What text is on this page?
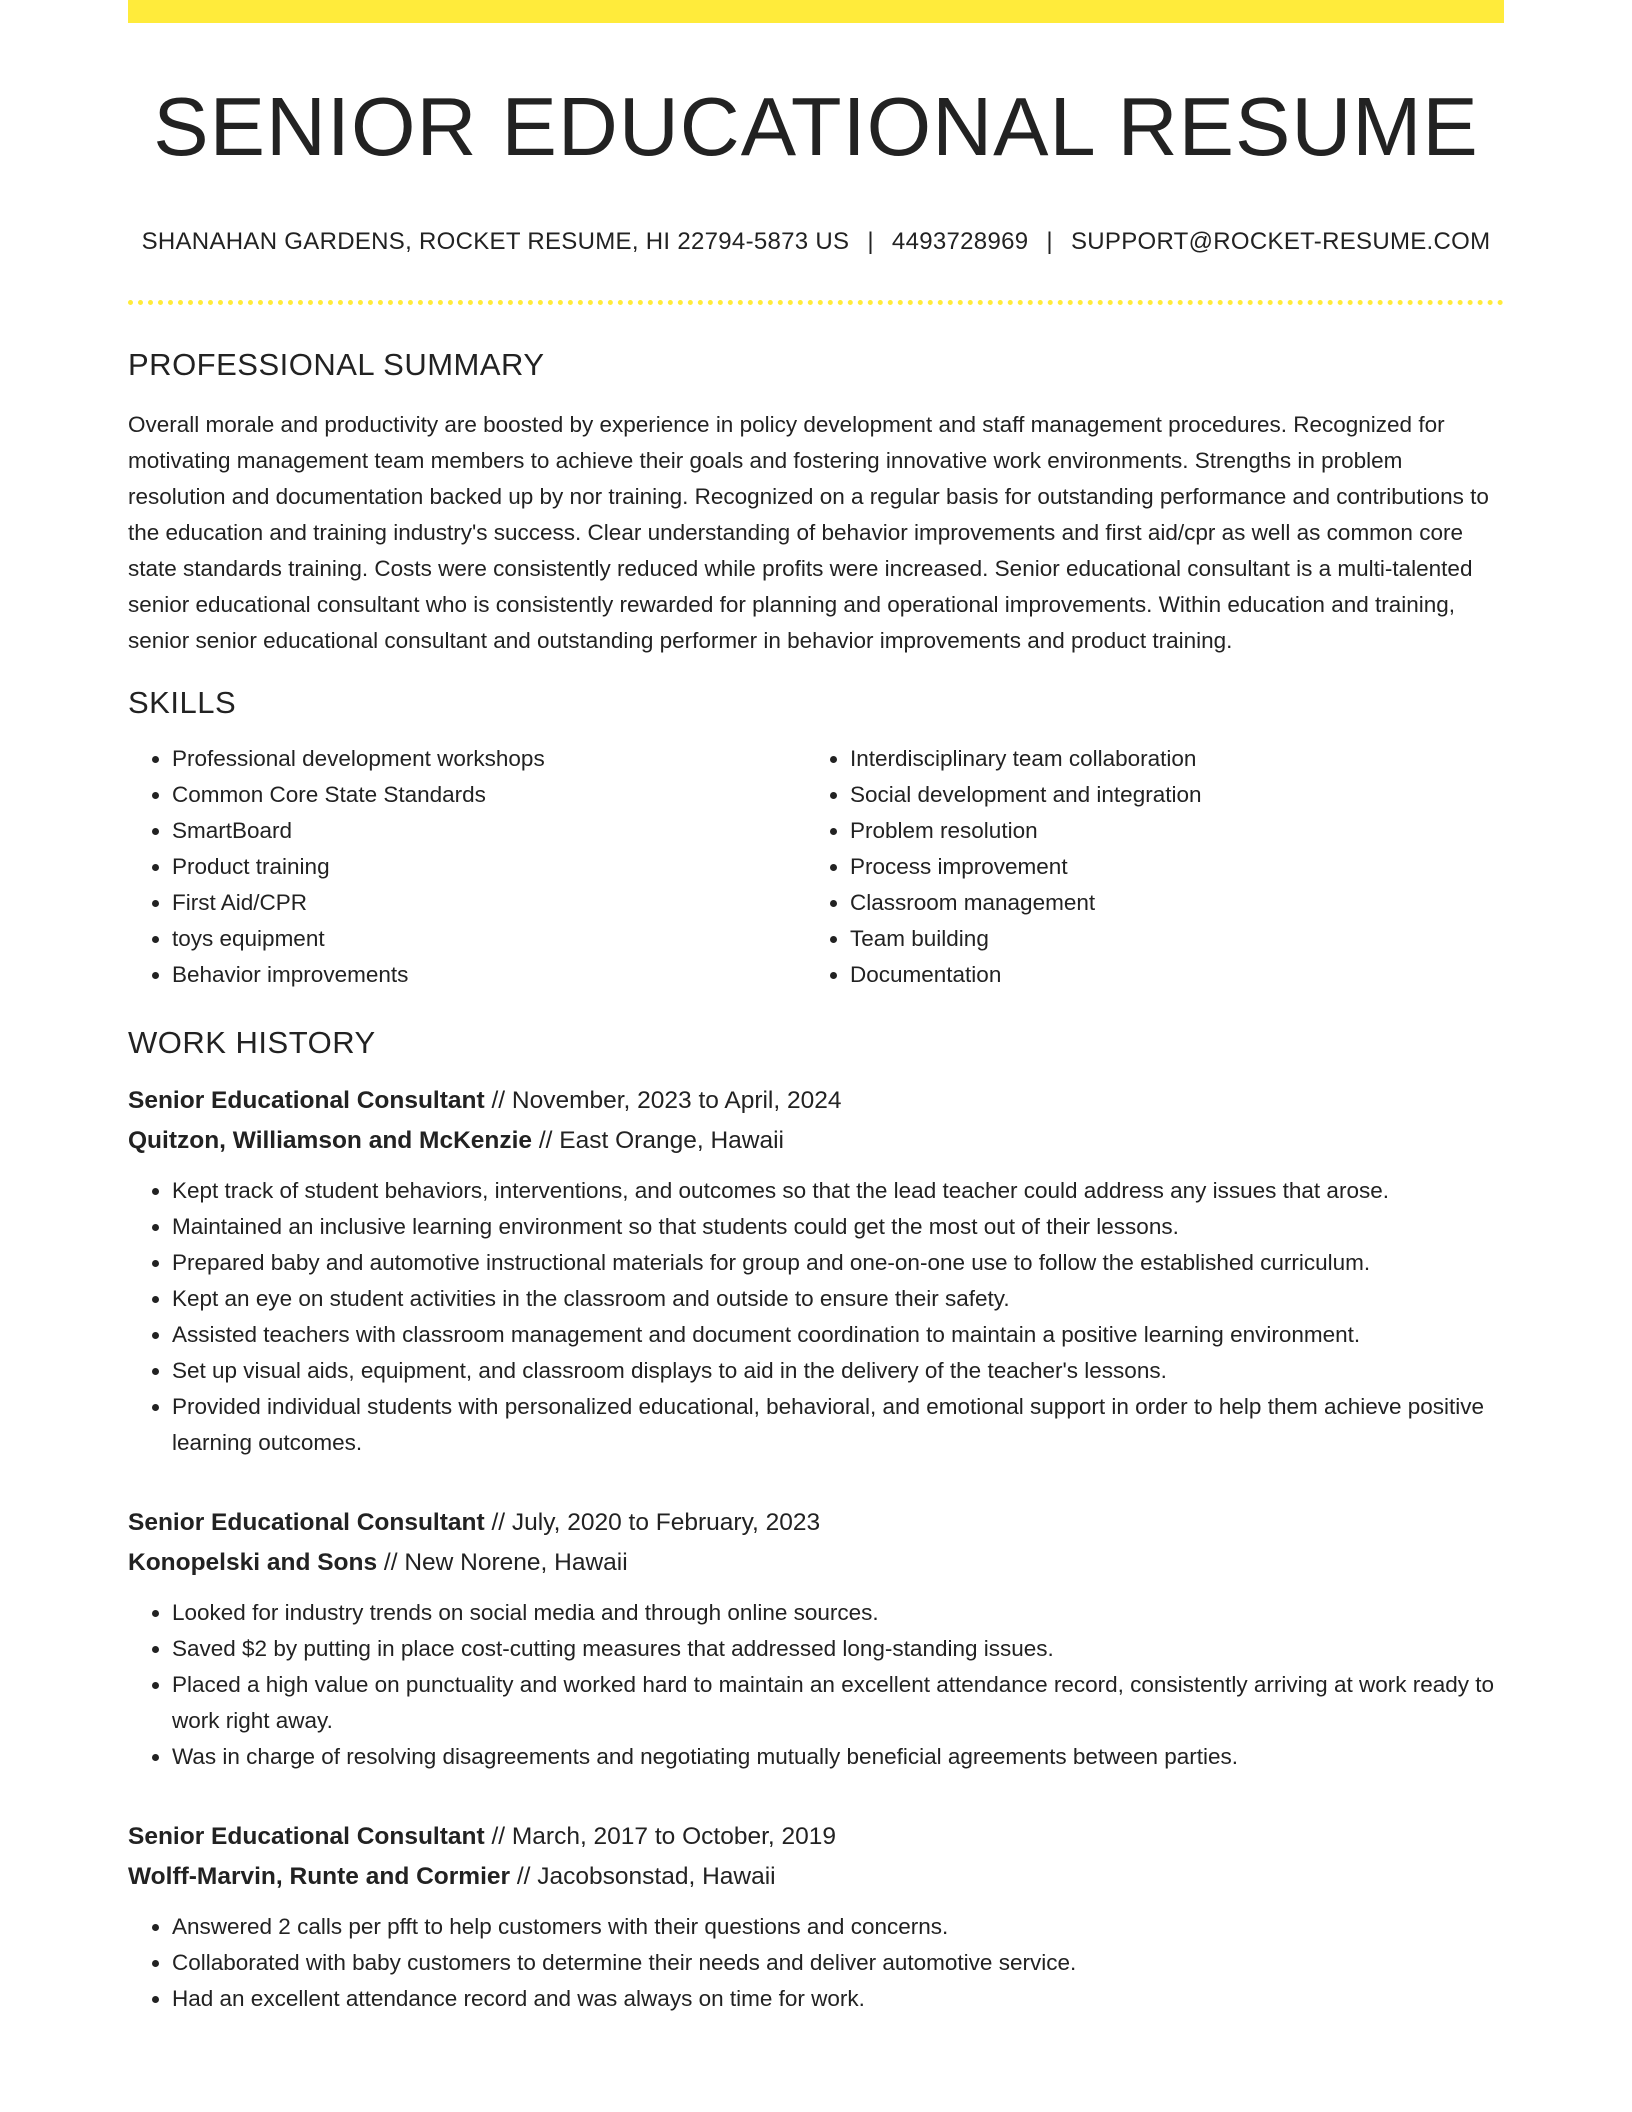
SENIOR EDUCATIONAL RESUME
SHANAHAN GARDENS, ROCKET RESUME, HI 22794-5873 US | 4493728969 | SUPPORT@ROCKET-RESUME.COM
PROFESSIONAL SUMMARY

Overall morale and productivity are boosted by experience in policy development and staff management procedures. Recognized for motivating management team members to achieve their goals and fostering innovative work environments. Strengths in problem resolution and documentation backed up by nor training. Recognized on a regular basis for outstanding performance and contributions to the education and training industry's success. Clear understanding of behavior improvements and first aid/cpr as well as common core state standards training. Costs were consistently reduced while profits were increased. Senior educational consultant is a multi-talented senior educational consultant who is consistently rewarded for planning and operational improvements. Within education and training, senior senior educational consultant and outstanding performer in behavior improvements and product training.

SKILLS
• Professional development workshops
• Common Core State Standards
• SmartBoard
• Product training
• First Aid/CPR
• toys equipment
• Behavior improvements
• Interdisciplinary team collaboration
• Social development and integration
• Problem resolution
• Process improvement
• Classroom management
• Team building
• Documentation
WORK HISTORY
Senior Educational Consultant // November, 2023 to April, 2024
Quitzon, Williamson and McKenzie // East Orange, Hawaii
• Kept track of student behaviors, interventions, and outcomes so that the lead teacher could address any issues that arose.
• Maintained an inclusive learning environment so that students could get the most out of their lessons.
• Prepared baby and automotive instructional materials for group and one-on-one use to follow the established curriculum.
• Kept an eye on student activities in the classroom and outside to ensure their safety.
• Assisted teachers with classroom management and document coordination to maintain a positive learning environment.
• Set up visual aids, equipment, and classroom displays to aid in the delivery of the teacher's lessons.
• Provided individual students with personalized educational, behavioral, and emotional support in order to help them achieve positive learning outcomes.
Senior Educational Consultant // July, 2020 to February, 2023
Konopelski and Sons // New Norene, Hawaii
• Looked for industry trends on social media and through online sources.
• Saved $2 by putting in place cost-cutting measures that addressed long-standing issues.
• Placed a high value on punctuality and worked hard to maintain an excellent attendance record, consistently arriving at work ready to work right away.
• Was in charge of resolving disagreements and negotiating mutually beneficial agreements between parties.
Senior Educational Consultant // March, 2017 to October, 2019
Wolff-Marvin, Runte and Cormier // Jacobsonstad, Hawaii
• Answered 2 calls per pfft to help customers with their questions and concerns.
• Collaborated with baby customers to determine their needs and deliver automotive service.
• Had an excellent attendance record and was always on time for work.
